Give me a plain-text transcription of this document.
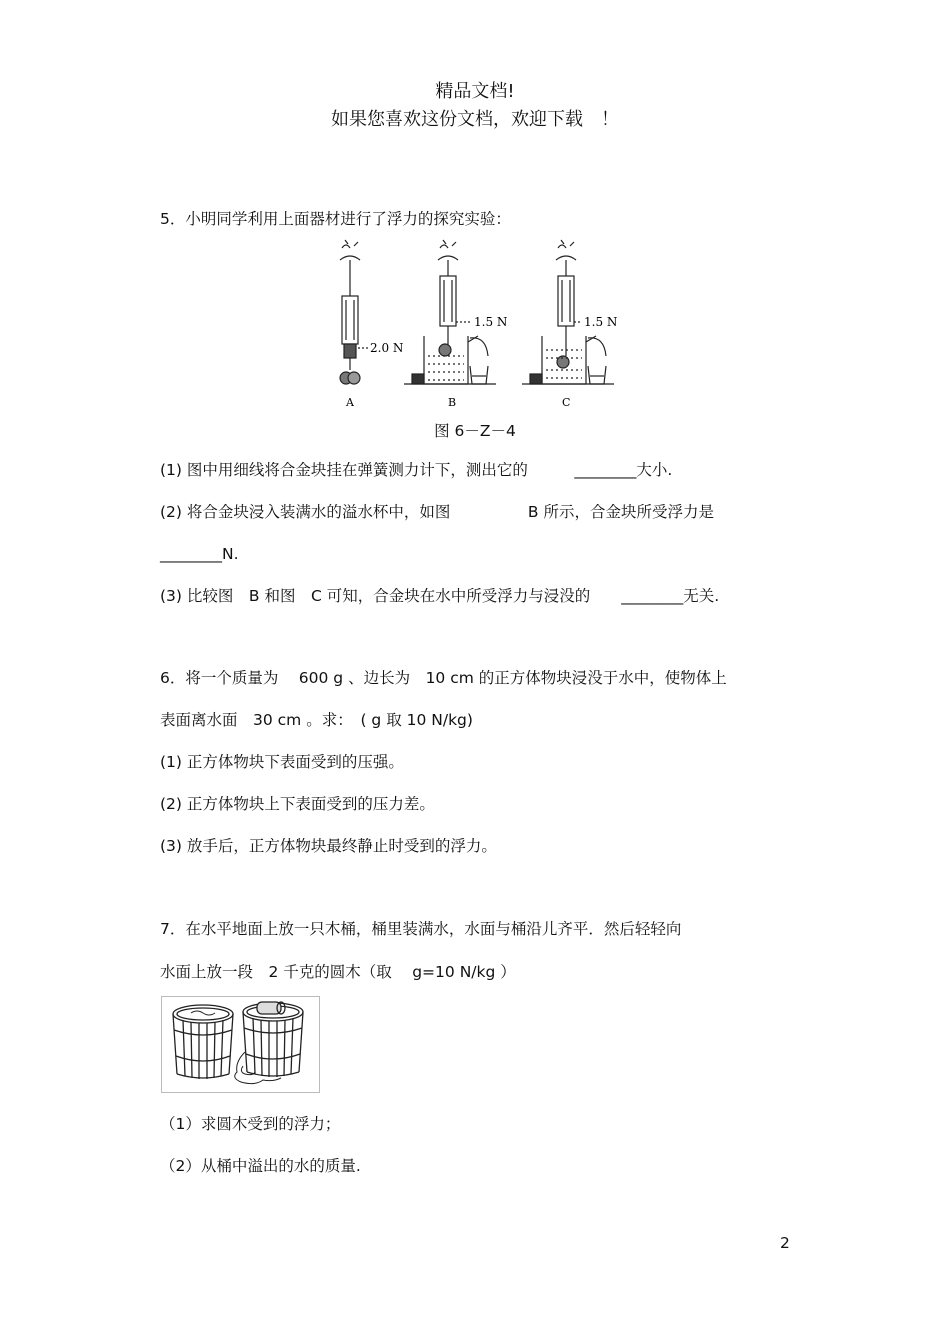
精品文档!
如果您喜欢这份文档，欢迎下载　！
5．小明同学利用上面器材进行了浮力的探究实验：
2.0 N
A
1.5 N
B
1.5 N
C
图 6－Z－4
(1) 图中用细线将合金块挂在弹簧测力计下，测出它的　　　________大小.
(2) 将合金块浸入装满水的溢水杯中，如图　　　　　B 所示，合金块所受浮力是
________N.
(3) 比较图　B 和图　C 可知，合金块在水中所受浮力与浸没的　　________无关.
6．将一个质量为　 600 g 、边长为　10 cm 的正方体物块浸没于水中，使物体上
表面离水面　30 cm 。求：　( g 取 10 N/kg)
(1) 正方体物块下表面受到的压强。
(2) 正方体物块上下表面受到的压力差。
(3) 放手后，正方体物块最终静止时受到的浮力。
7．在水平地面上放一只木桶，桶里装满水，水面与桶沿儿齐平．然后轻轻向
水面上放一段　2 千克的圆木（取　 g=10 N/kg ）
（1）求圆木受到的浮力；
（2）从桶中溢出的水的质量.
2
